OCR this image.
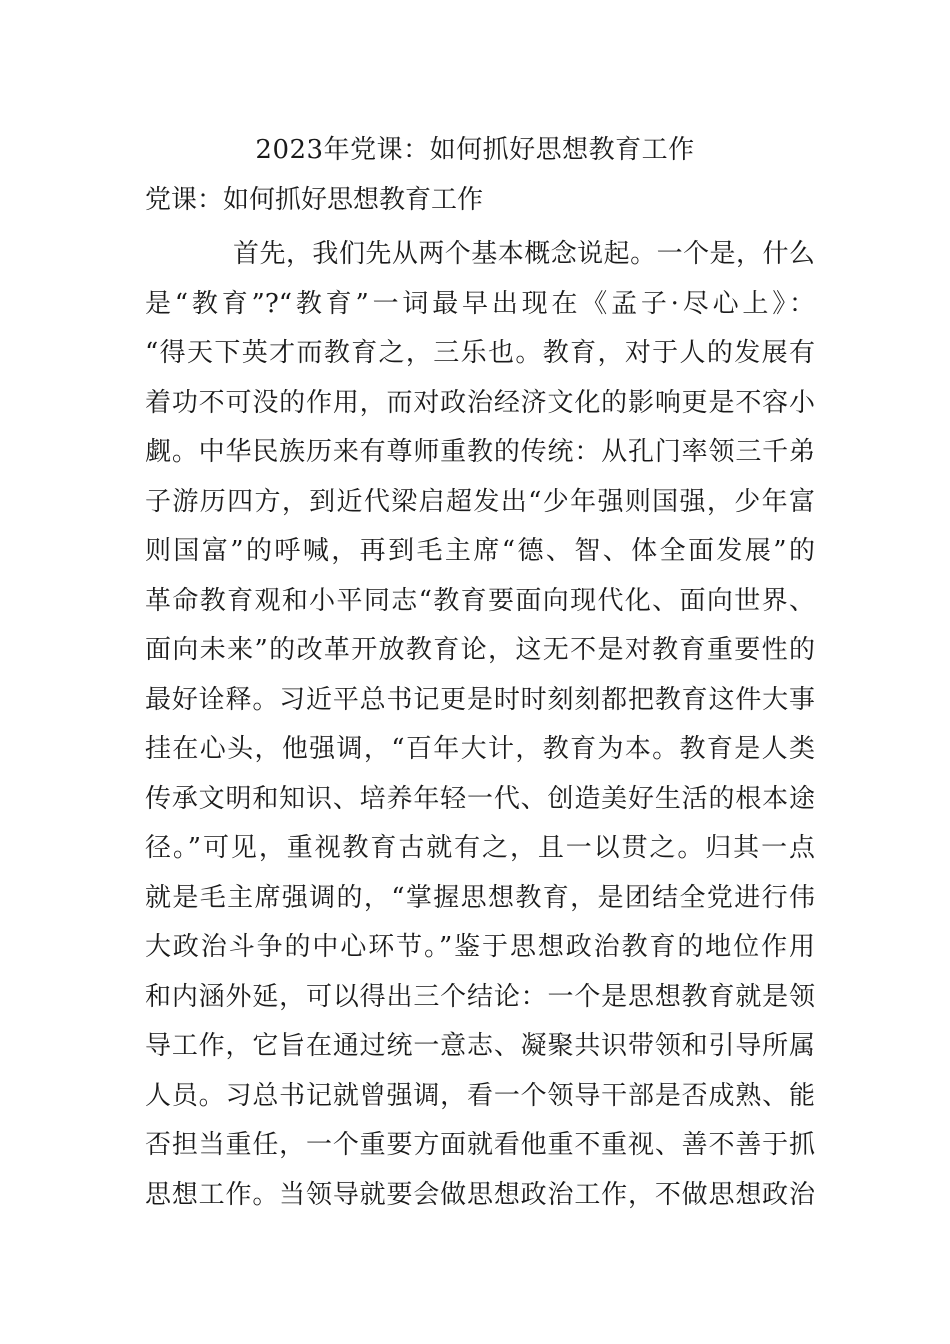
2023年党课：如何抓好思想教育工作
党课：如何抓好思想教育工作
首先，我们先从两个基本概念说起。一个是，什么
是“教育”?“教育”一词最早出现在《孟子·尽心上》：
“得天下英才而教育之，三乐也。教育，对于人的发展有
着功不可没的作用，而对政治经济文化的影响更是不容小
觑。中华民族历来有尊师重教的传统：从孔门率领三千弟
子游历四方，到近代梁启超发出“少年强则国强，少年富
则国富”的呼喊，再到毛主席“德、智、体全面发展”的
革命教育观和小平同志“教育要面向现代化、面向世界、
面向未来”的改革开放教育论，这无不是对教育重要性的
最好诠释。习近平总书记更是时时刻刻都把教育这件大事
挂在心头，他强调，“百年大计，教育为本。教育是人类
传承文明和知识、培养年轻一代、创造美好生活的根本途
径。”可见，重视教育古就有之，且一以贯之。归其一点
就是毛主席强调的，“掌握思想教育，是团结全党进行伟
大政治斗争的中心环节。”鉴于思想政治教育的地位作用
和内涵外延，可以得出三个结论：一个是思想教育就是领
导工作，它旨在通过统一意志、凝聚共识带领和引导所属
人员。习总书记就曾强调，看一个领导干部是否成熟、能
否担当重任，一个重要方面就看他重不重视、善不善于抓
思想工作。当领导就要会做思想政治工作，不做思想政治
